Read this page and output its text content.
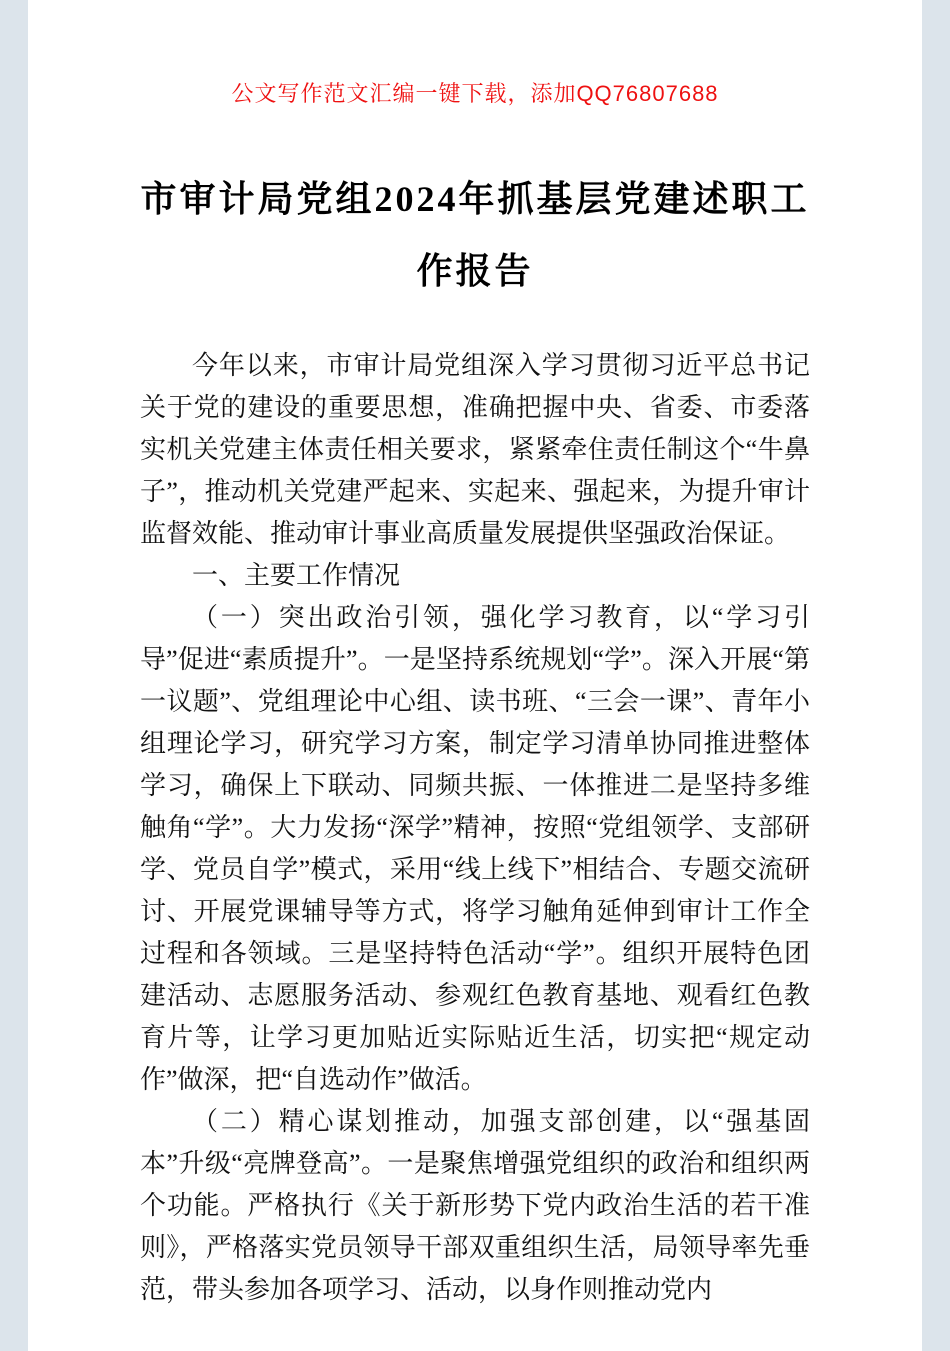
公文写作范文汇编一键下载，添加QQ76807688
市审计局党组2024年抓基层党建述职工作报告

今年以来，市审计局党组深入学习贯彻习近平总书记关于党的建设的重要思想，准确把握中央、省委、市委落实机关党建主体责任相关要求，紧紧牵住责任制这个“牛鼻子”，推动机关党建严起来、实起来、强起来，为提升审计监督效能、推动审计事业高质量发展提供坚强政治保证。

一、主要工作情况

（一）突出政治引领，强化学习教育，以“学习引导”促进“素质提升”。一是坚持系统规划“学”。深入开展“第一议题”、党组理论中心组、读书班、“三会一课”、青年小组理论学习，研究学习方案，制定学习清单协同推进整体学习，确保上下联动、同频共振、一体推进二是坚持多维触角“学”。大力发扬“深学”精神，按照“党组领学、支部研学、党员自学”模式，采用“线上线下”相结合、专题交流研讨、开展党课辅导等方式，将学习触角延伸到审计工作全过程和各领域。三是坚持特色活动“学”。组织开展特色团建活动、志愿服务活动、参观红色教育基地、观看红色教育片等，让学习更加贴近实际贴近生活，切实把“规定动作”做深，把“自选动作”做活。

（二）精心谋划推动，加强支部创建，以“强基固本”升级“亮牌登高”。一是聚焦增强党组织的政治和组织两个功能。严格执行《关于新形势下党内政治生活的若干准则》，严格落实党员领导干部双重组织生活，局领导率先垂范，带头参加各项学习、活动，以身作则推动党内
